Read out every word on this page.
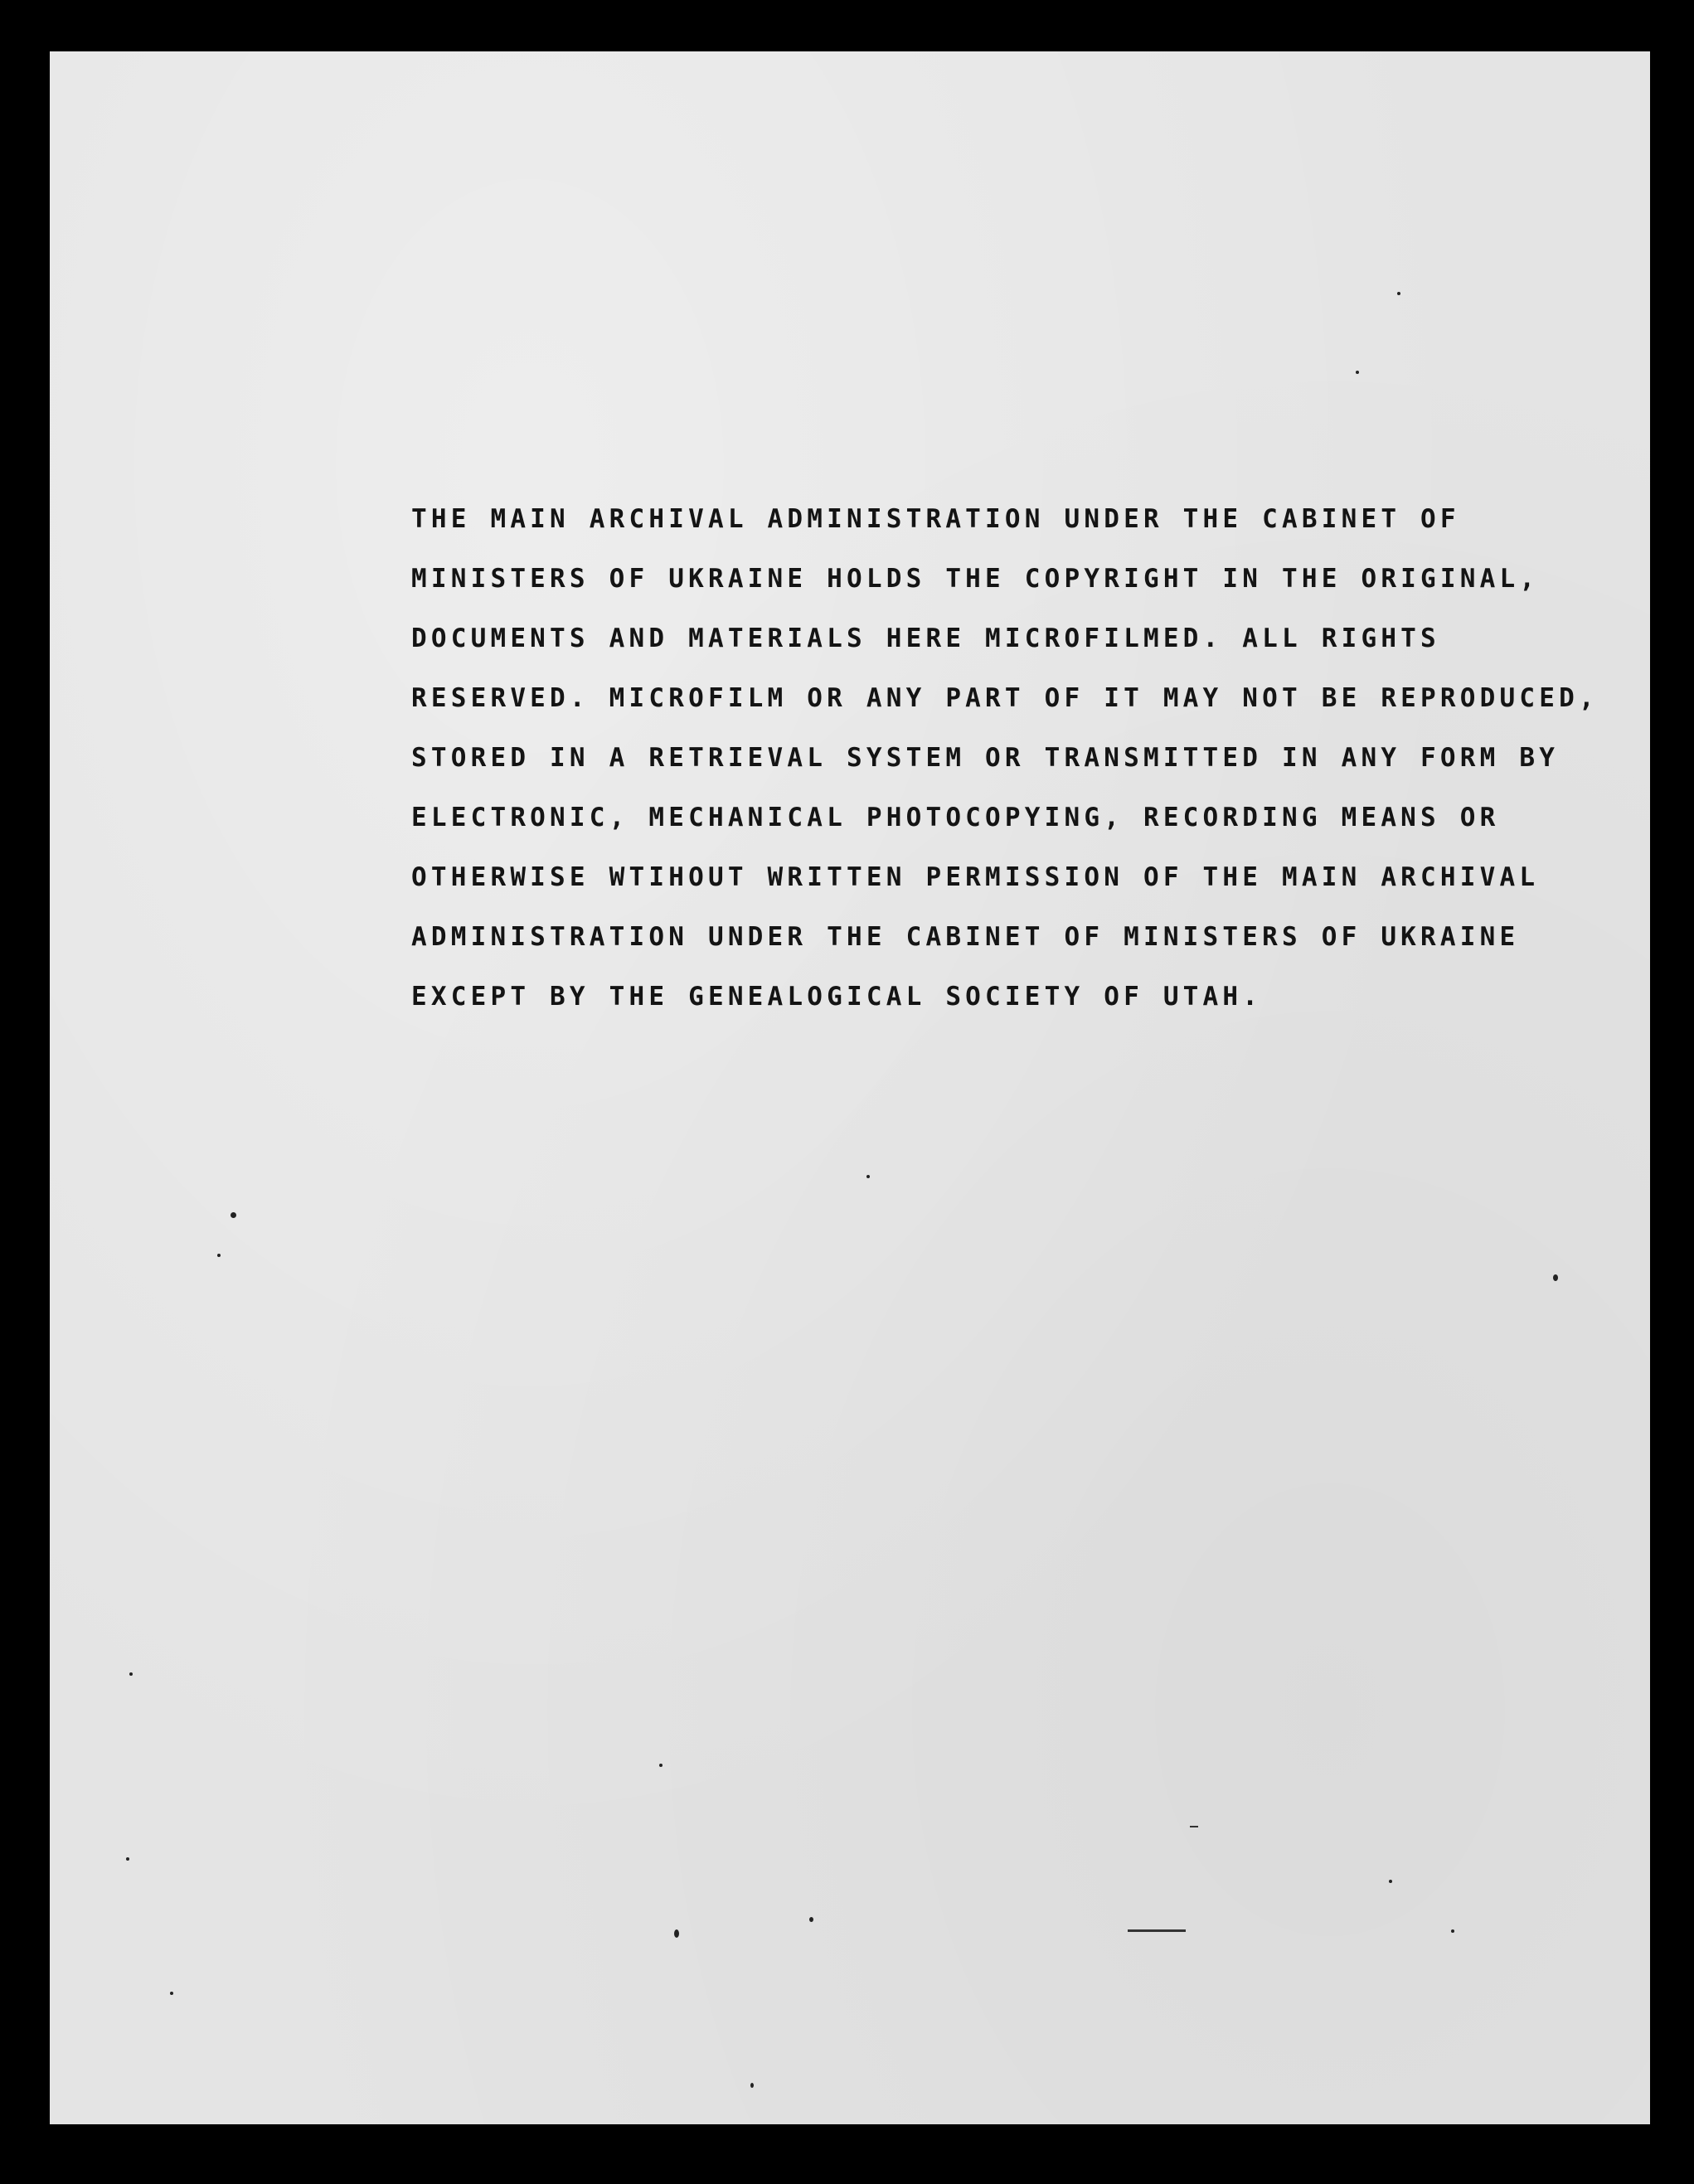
THE MAIN ARCHIVAL ADMINISTRATION UNDER THE CABINET OF
MINISTERS OF UKRAINE HOLDS THE COPYRIGHT IN THE ORIGINAL,
DOCUMENTS AND MATERIALS HERE MICROFILMED. ALL RIGHTS
RESERVED. MICROFILM OR ANY PART OF IT MAY NOT BE REPRODUCED,
STORED IN A RETRIEVAL SYSTEM OR TRANSMITTED IN ANY FORM BY
ELECTRONIC, MECHANICAL PHOTOCOPYING, RECORDING MEANS OR
OTHERWISE WTIHOUT WRITTEN PERMISSION OF THE MAIN ARCHIVAL
ADMINISTRATION UNDER THE CABINET OF MINISTERS OF UKRAINE
EXCEPT BY THE GENEALOGICAL SOCIETY OF UTAH.
